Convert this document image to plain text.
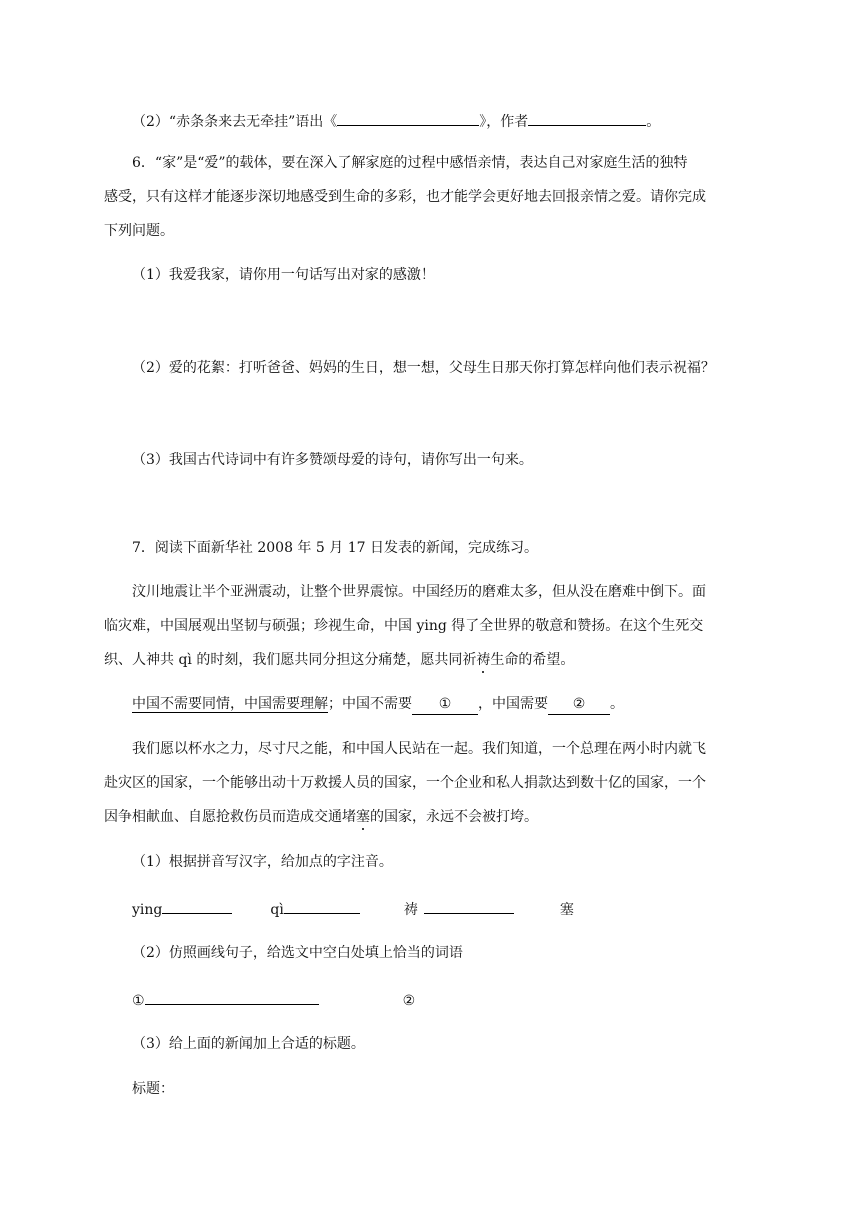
（2）“赤条条来去无牵挂”语出《	》，作者	。
6．“家”是“爱”的载体，要在深入了解家庭的过程中感悟亲情，表达自己对家庭生活的独特
感受，只有这样才能逐步深切地感受到生命的多彩，也才能学会更好地去回报亲情之爱。请你完成
下列问题。
（1）我爱我家，请你用一句话写出对家的感激！
（2）爱的花絮：打听爸爸、妈妈的生日，想一想，父母生日那天你打算怎样向他们表示祝福？
（3）我国古代诗词中有许多赞颂母爱的诗句，请你写出一句来。
7．阅读下面新华社 2008 年 5 月 17 日发表的新闻，完成练习。
汶川地震让半个亚洲震动，让整个世界震惊。中国经历的磨难太多，但从没在磨难中倒下。面
临灾难，中国展观出坚韧与硕强；珍视生命，中国 ying 得了全世界的敬意和赞扬。在这个生死交
织、人神共 qì 的时刻，我们愿共同分担这分痛楚，愿共同祈祷生命的希望。
中国不需要同情，中国需要理解；中国不需要 ① ，中国需要 ② 。
我们愿以杯水之力，尽寸尺之能，和中国人民站在一起。我们知道，一个总理在两小时内就飞
赴灾区的国家，一个能够出动十万救援人员的国家，一个企业和私人捐款达到数十亿的国家，一个
因争相献血、自愿抢救伤员而造成交通堵塞的国家，永远不会被打垮。
（1）根据拼音写汉字，给加点的字注音。
ying	qì	祷	塞
（2）仿照画线句子，给选文中空白处填上恰当的词语
①	②
（3）给上面的新闻加上合适的标题。
标题：
